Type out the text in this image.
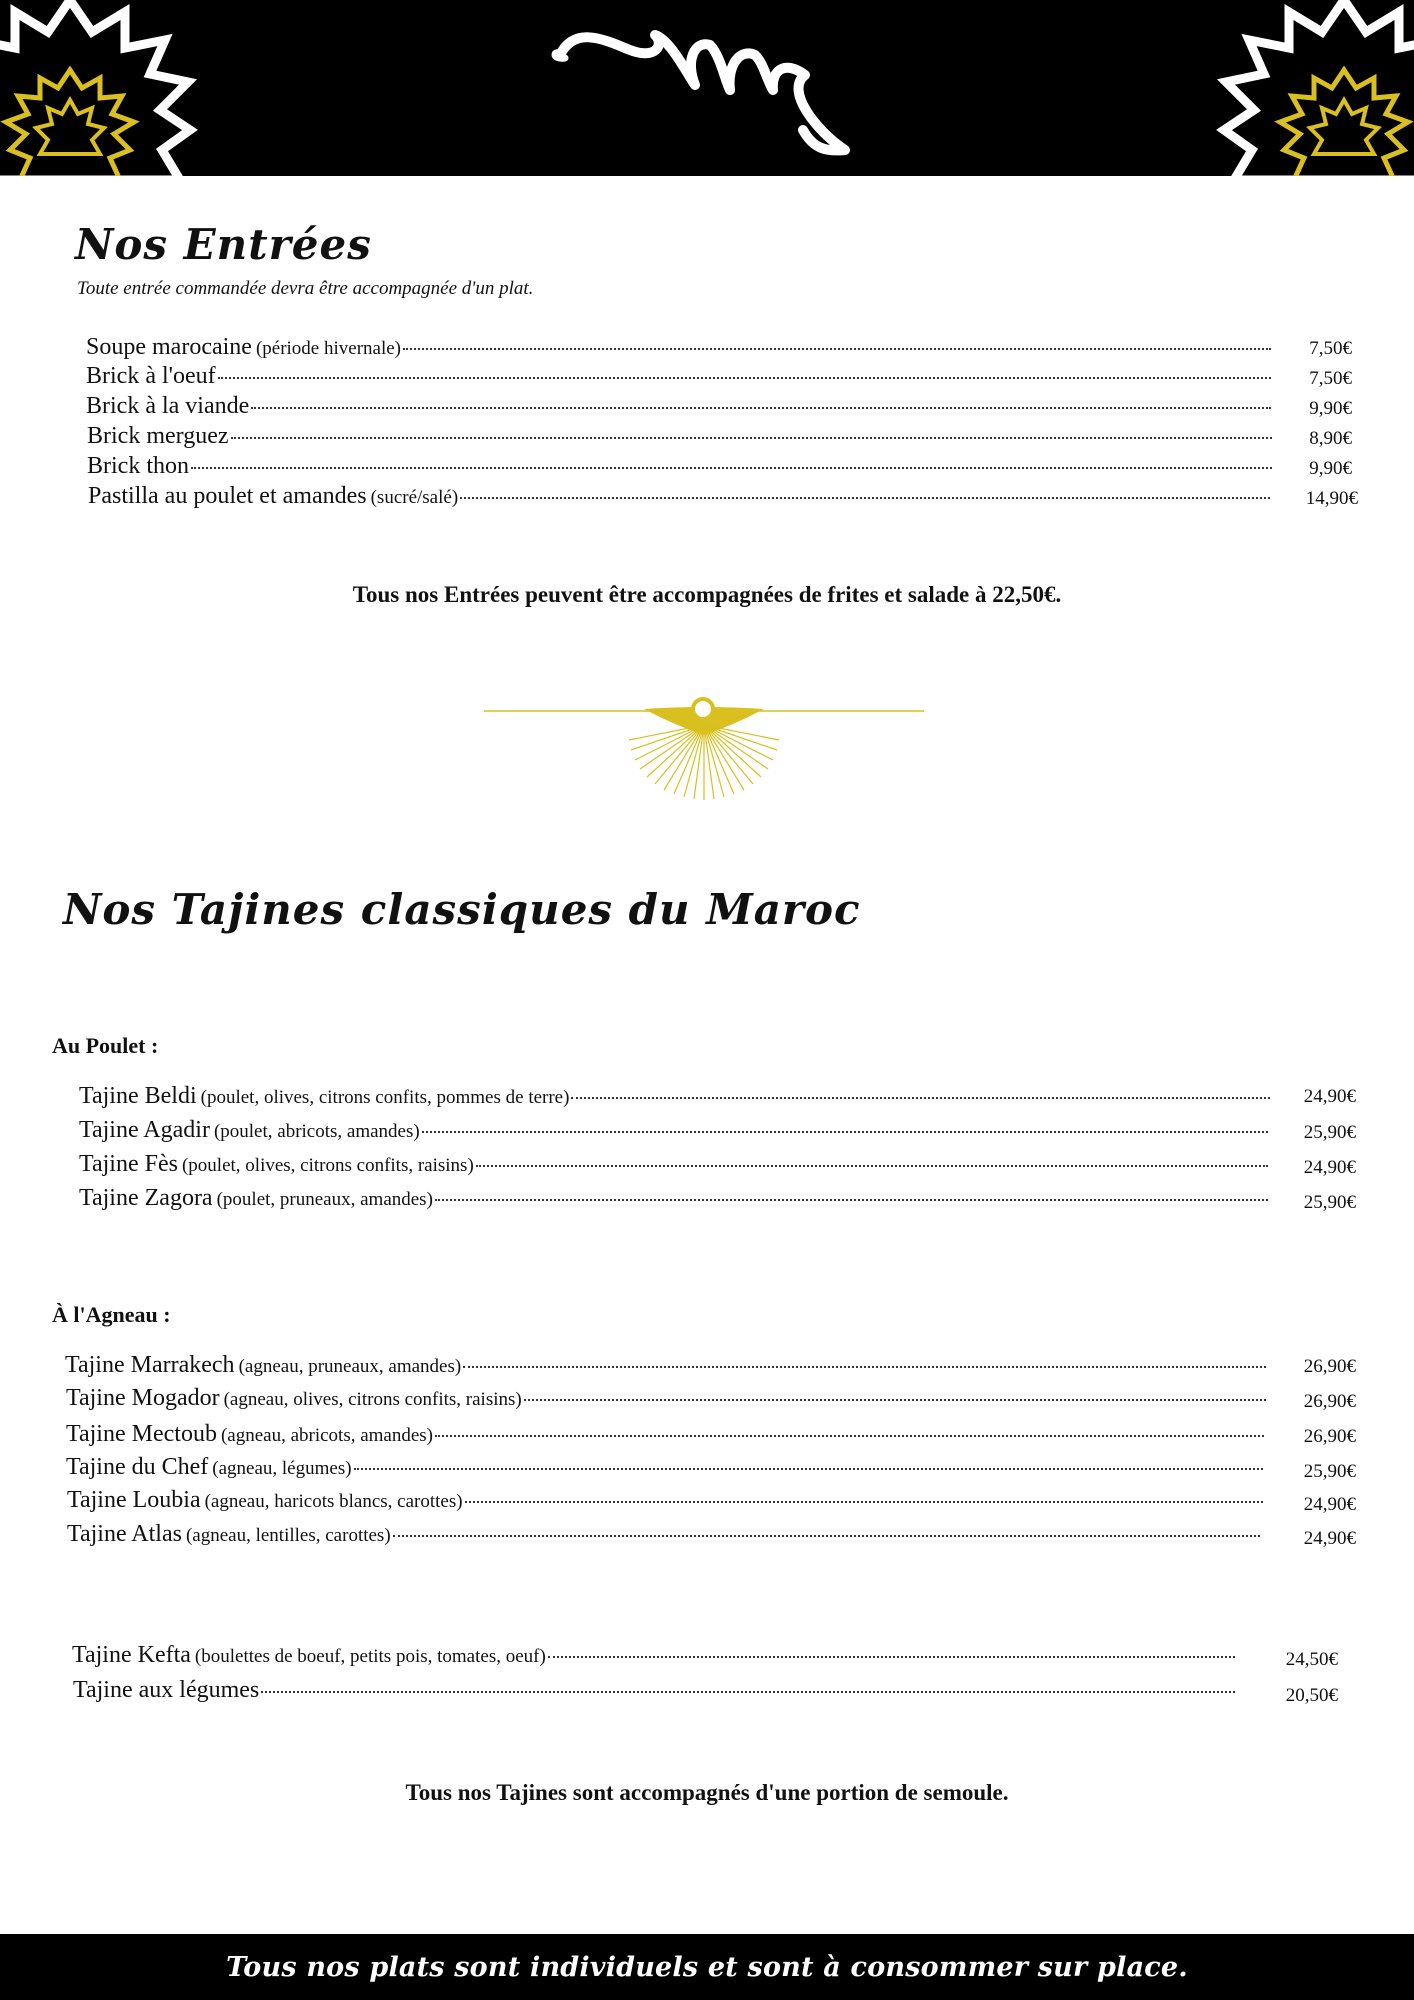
Nos Entrées

Toute entrée commandée devra être accompagnée d'un plat.

Soupe marocaine (période hivernale)	7,50€
Brick à l'oeuf	7,50€
Brick à la viande	9,90€
Brick merguez	8,90€
Brick thon	9,90€
Pastilla au poulet et amandes (sucré/salé)	14,90€

Tous nos Entrées peuvent être accompagnées de frites et salade à 22,50€.

Nos Tajines classiques du Maroc
Au Poulet :
Tajine Beldi (poulet, olives, citrons confits, pommes de terre)	24,90€
Tajine Agadir (poulet, abricots, amandes)	25,90€
Tajine Fès (poulet, olives, citrons confits, raisins)	24,90€
Tajine Zagora (poulet, pruneaux, amandes)	25,90€
À l'Agneau :
Tajine Marrakech (agneau, pruneaux, amandes)	26,90€
Tajine Mogador (agneau, olives, citrons confits, raisins)	26,90€
Tajine Mectoub (agneau, abricots, amandes)	26,90€
Tajine du Chef (agneau, légumes)	25,90€
Tajine Loubia (agneau, haricots blancs, carottes)	24,90€
Tajine Atlas (agneau, lentilles, carottes)	24,90€
Tajine Kefta (boulettes de boeuf, petits pois, tomates, oeuf)	24,50€
Tajine aux légumes	20,50€

Tous nos Tajines sont accompagnés d'une portion de semoule.

Tous nos plats sont individuels et sont à consommer sur place.
